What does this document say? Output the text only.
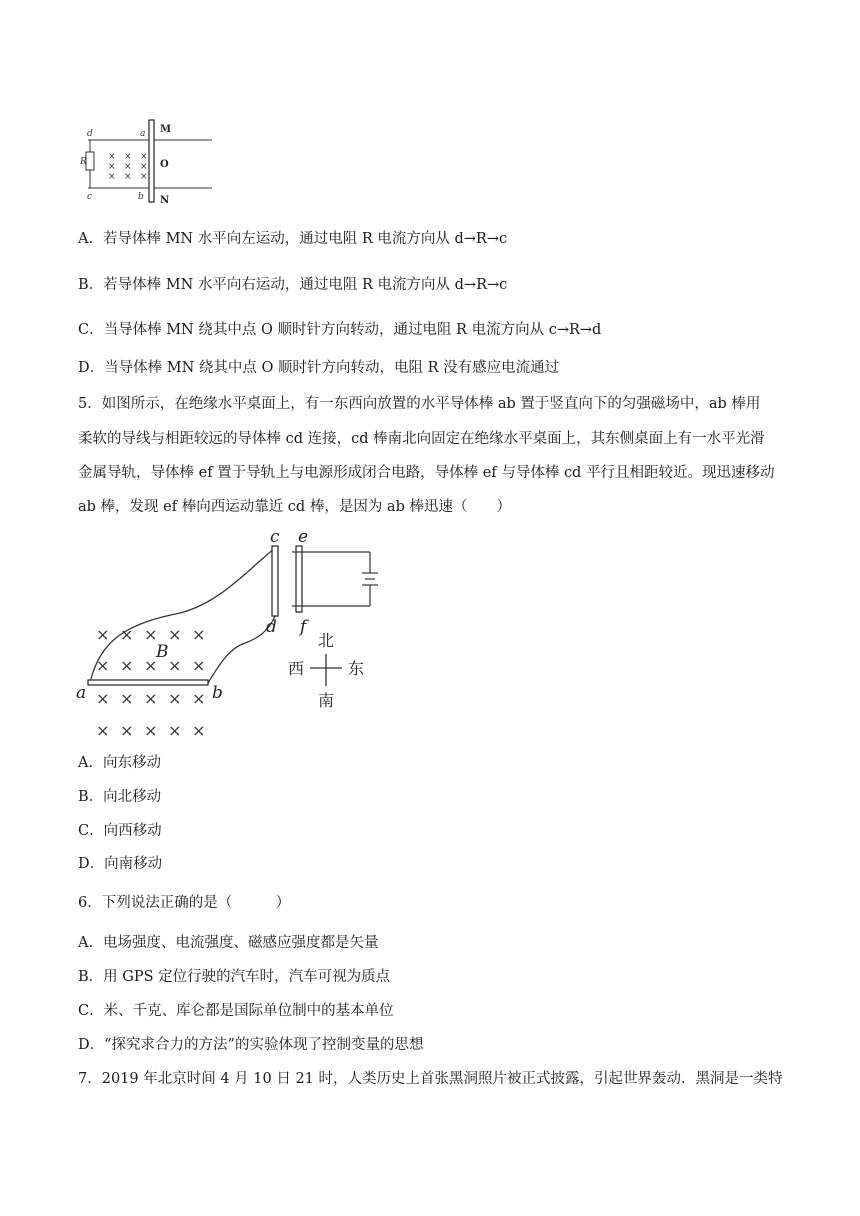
× × ×
× × ×
× × ×
d	a
c	b
R
M
O
N

A．若导体棒 MN 水平向左运动，通过电阻 R 电流方向从 d→R→c

B．若导体棒 MN 水平向右运动，通过电阻 R 电流方向从 d→R→c

C．当导体棒 MN 绕其中点 O 顺时针方向转动，通过电阻 R 电流方向从 c→R→d

D．当导体棒 MN 绕其中点 O 顺时针方向转动，电阻 R 没有感应电流通过

5．如图所示，在绝缘水平桌面上，有一东西向放置的水平导体棒 ab 置于竖直向下的匀强磁场中，ab 棒用

柔软的导线与相距较远的导体棒 cd 连接，cd 棒南北向固定在绝缘水平桌面上，其东侧桌面上有一水平光滑

金属导轨，导体棒 ef 置于导轨上与电源形成闭合电路，导体棒 ef 与导体棒 cd 平行且相距较近。现迅速移动

ab 棒，发现 ef 棒向西运动靠近 cd 棒，是因为 ab 棒迅速（　　）

× × × × ×
× × × × ×
× × × × ×
× × × × ×
c e
d f
a	b
B
北
南
西	东

A．向东移动

B．向北移动

C．向西移动

D．向南移动

6．下列说法正确的是（　　　）

A．电场强度、电流强度、磁感应强度都是矢量

B．用 GPS 定位行驶的汽车时，汽车可视为质点

C．米、千克、库仑都是国际单位制中的基本单位

D．“探究求合力的方法”的实验体现了控制变量的思想

7．2019 年北京时间 4 月 10 日 21 时，人类历史上首张黑洞照片被正式披露，引起世界轰动．黑洞是一类特
